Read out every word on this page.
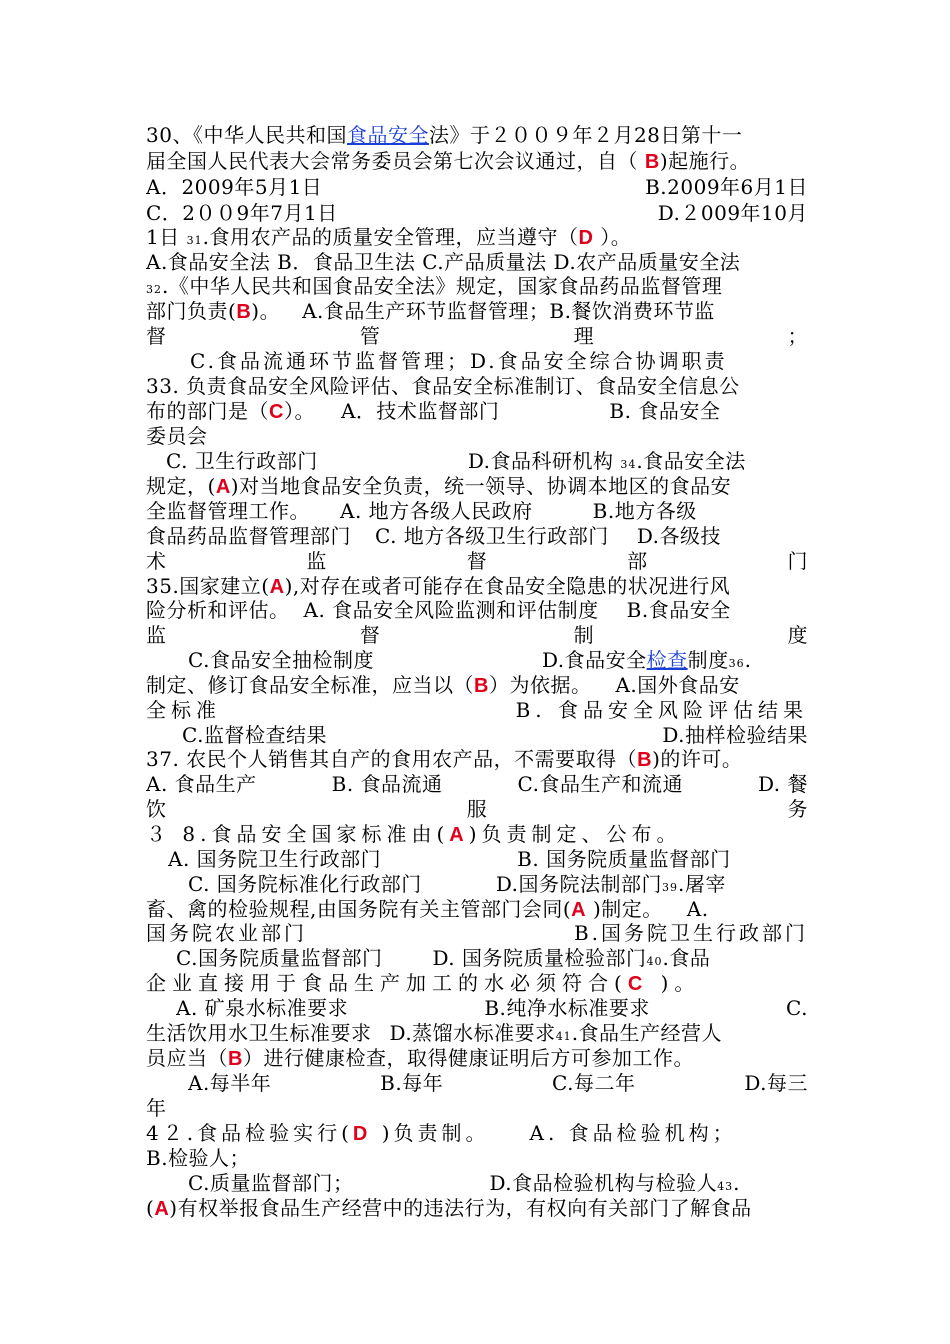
30、《中华人民共和国食品安全法》于２００９年２月28日第十一
届全国人民代表大会常务委员会第七次会议通过，自（ B)起施行。
A．2009年5月1日	B.2009年6月1日
C．2００9年7月1日	D.２009年10月
1日 31.食用农产品的质量安全管理，应当遵守（D ）。
A.食品安全法 B．食品卫生法 C.产品质量法 D.农产品质量安全法
32.《中华人民共和国食品安全法》规定，国家食品药品监督管理
部门负责(B)。 A.食品生产环节监督管理；B.餐饮消费环节监
督	管	理	；
C.食品流通环节监督管理；D.食品安全综合协调职责
33. 负责食品安全风险评估、食品安全标准制订、食品安全信息公
布的部门是（C）。 A．技术监督部门	B. 食品安全
委员会
C. 卫生行政部门	D.食品科研机构 34.食品安全法
规定，(A)对当地食品安全负责，统一领导、协调本地区的食品安
全监督管理工作。 A. 地方各级人民政府	B.地方各级
食品药品监督管理部门 C. 地方各级卫生行政部门 D.各级技
术	监	督	部	门
35.国家建立(A),对存在或者可能存在食品安全隐患的状况进行风
险分析和评估。 A. 食品安全风险监测和评估制度 B.食品安全
监	督	制	度
C.食品安全抽检制度	D.食品安全检查制度36.
制定、修订食品安全标准，应当以（B）为依据。 A.国外食品安
全标准	B. 食品安全风险评估结果
C.监督检查结果	D.抽样检验结果
37. 农民个人销售其自产的食用农产品，不需要取得（B)的许可。
A. 食品生产	B. 食品流通	C.食品生产和流通	D. 餐
饮	服	务
３ 8.食品安全国家标准由(A)负责制定、公布。
A. 国务院卫生行政部门	B. 国务院质量监督部门
C. 国务院标准化行政部门	D.国务院法制部门39.屠宰
畜、禽的检验规程,由国务院有关主管部门会同(A )制定。 A.
国务院农业部门	B.国务院卫生行政部门
C.国务院质量监督部门	D. 国务院质量检验部门40.食品
企业直接用于食品生产加工的水必须符合(C )。
A. 矿泉水标准要求	B.纯净水标准要求	C.
生活饮用水卫生标准要求 D.蒸馏水标准要求41.食品生产经营人
员应当（B）进行健康检查，取得健康证明后方可参加工作。
A.每半年	B.每年	C.每二年	D.每三
年
4２.食品检验实行(D )负责制。 A. 食品检验机构；
B.检验人；
C.质量监督部门；	D.食品检验机构与检验人43.
(A)有权举报食品生产经营中的违法行为，有权向有关部门了解食品
